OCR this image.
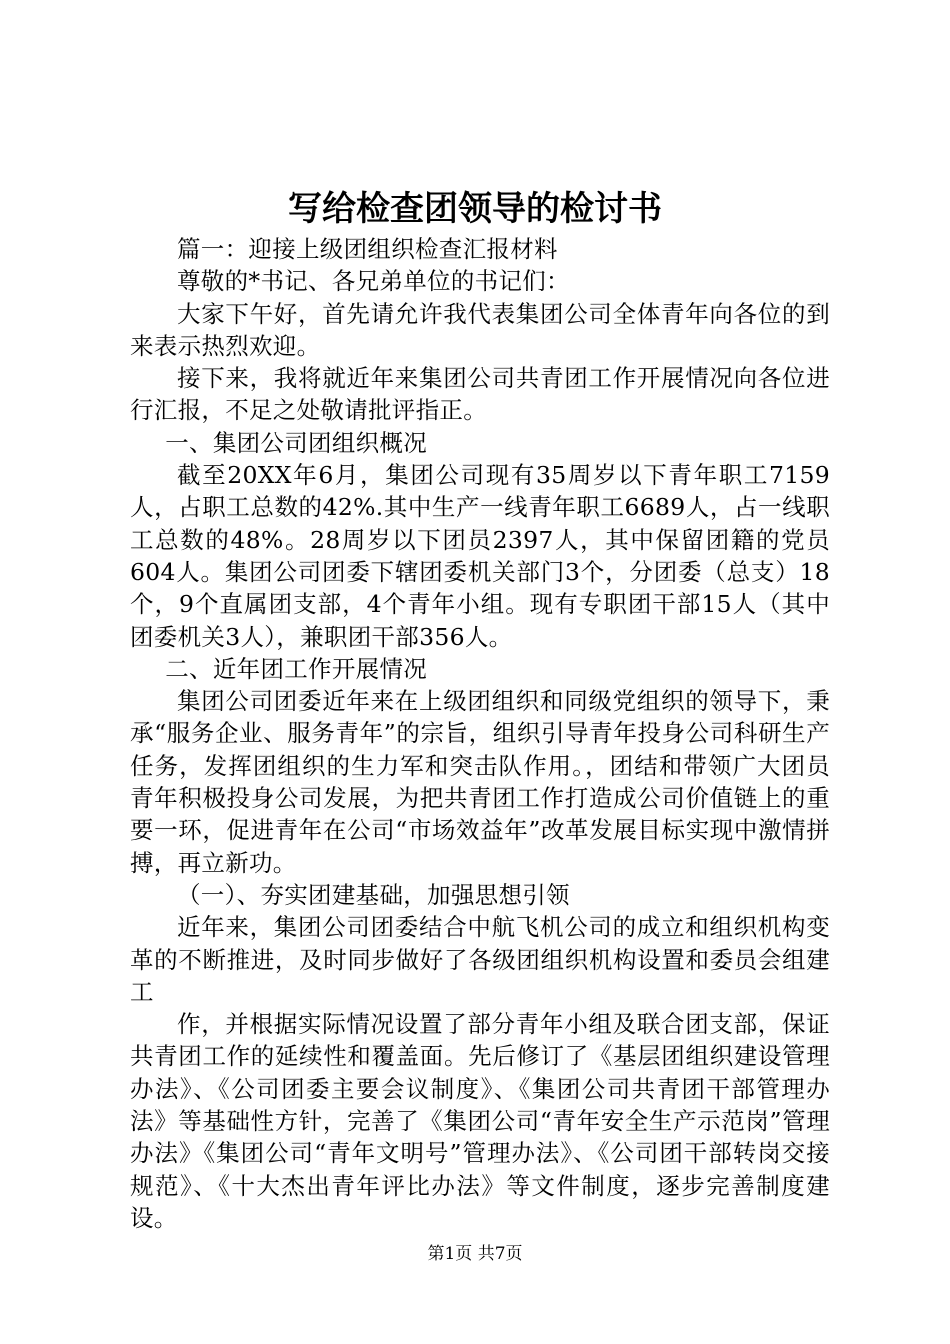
写给检查团领导的检讨书

篇一：迎接上级团组织检查汇报材料

尊敬的*书记、各兄弟单位的书记们：

大家下午好，首先请允许我代表集团公司全体青年向各位的到来表示热烈欢迎。

接下来，我将就近年来集团公司共青团工作开展情况向各位进行汇报，不足之处敬请批评指正。

一、集团公司团组织概况

截至20XX年6月，集团公司现有35周岁以下青年职工7159人，占职工总数的42%.其中生产一线青年职工6689人，占一线职工总数的48%。28周岁以下团员2397人，其中保留团籍的党员604人。集团公司团委下辖团委机关部门3个，分团委（总支）18个，9个直属团支部，4个青年小组。现有专职团干部15人（其中团委机关3人），兼职团干部356人。

二、近年团工作开展情况

集团公司团委近年来在上级团组织和同级党组织的领导下，秉承“服务企业、服务青年”的宗旨，组织引导青年投身公司科研生产任务，发挥团组织的生力军和突击队作用。，团结和带领广大团员青年积极投身公司发展，为把共青团工作打造成公司价值链上的重要一环，促进青年在公司“市场效益年”改革发展目标实现中激情拼搏，再立新功。

（一）、夯实团建基础，加强思想引领

近年来，集团公司团委结合中航飞机公司的成立和组织机构变革的不断推进，及时同步做好了各级团组织机构设置和委员会组建工

作，并根据实际情况设置了部分青年小组及联合团支部，保证共青团工作的延续性和覆盖面。先后修订了《基层团组织建设管理办法》、《公司团委主要会议制度》、《集团公司共青团干部管理办法》等基础性方针，完善了《集团公司“青年安全生产示范岗”管理办法》《集团公司“青年文明号”管理办法》、《公司团干部转岗交接规范》、《十大杰出青年评比办法》等文件制度，逐步完善制度建设。

第1页 共7页
